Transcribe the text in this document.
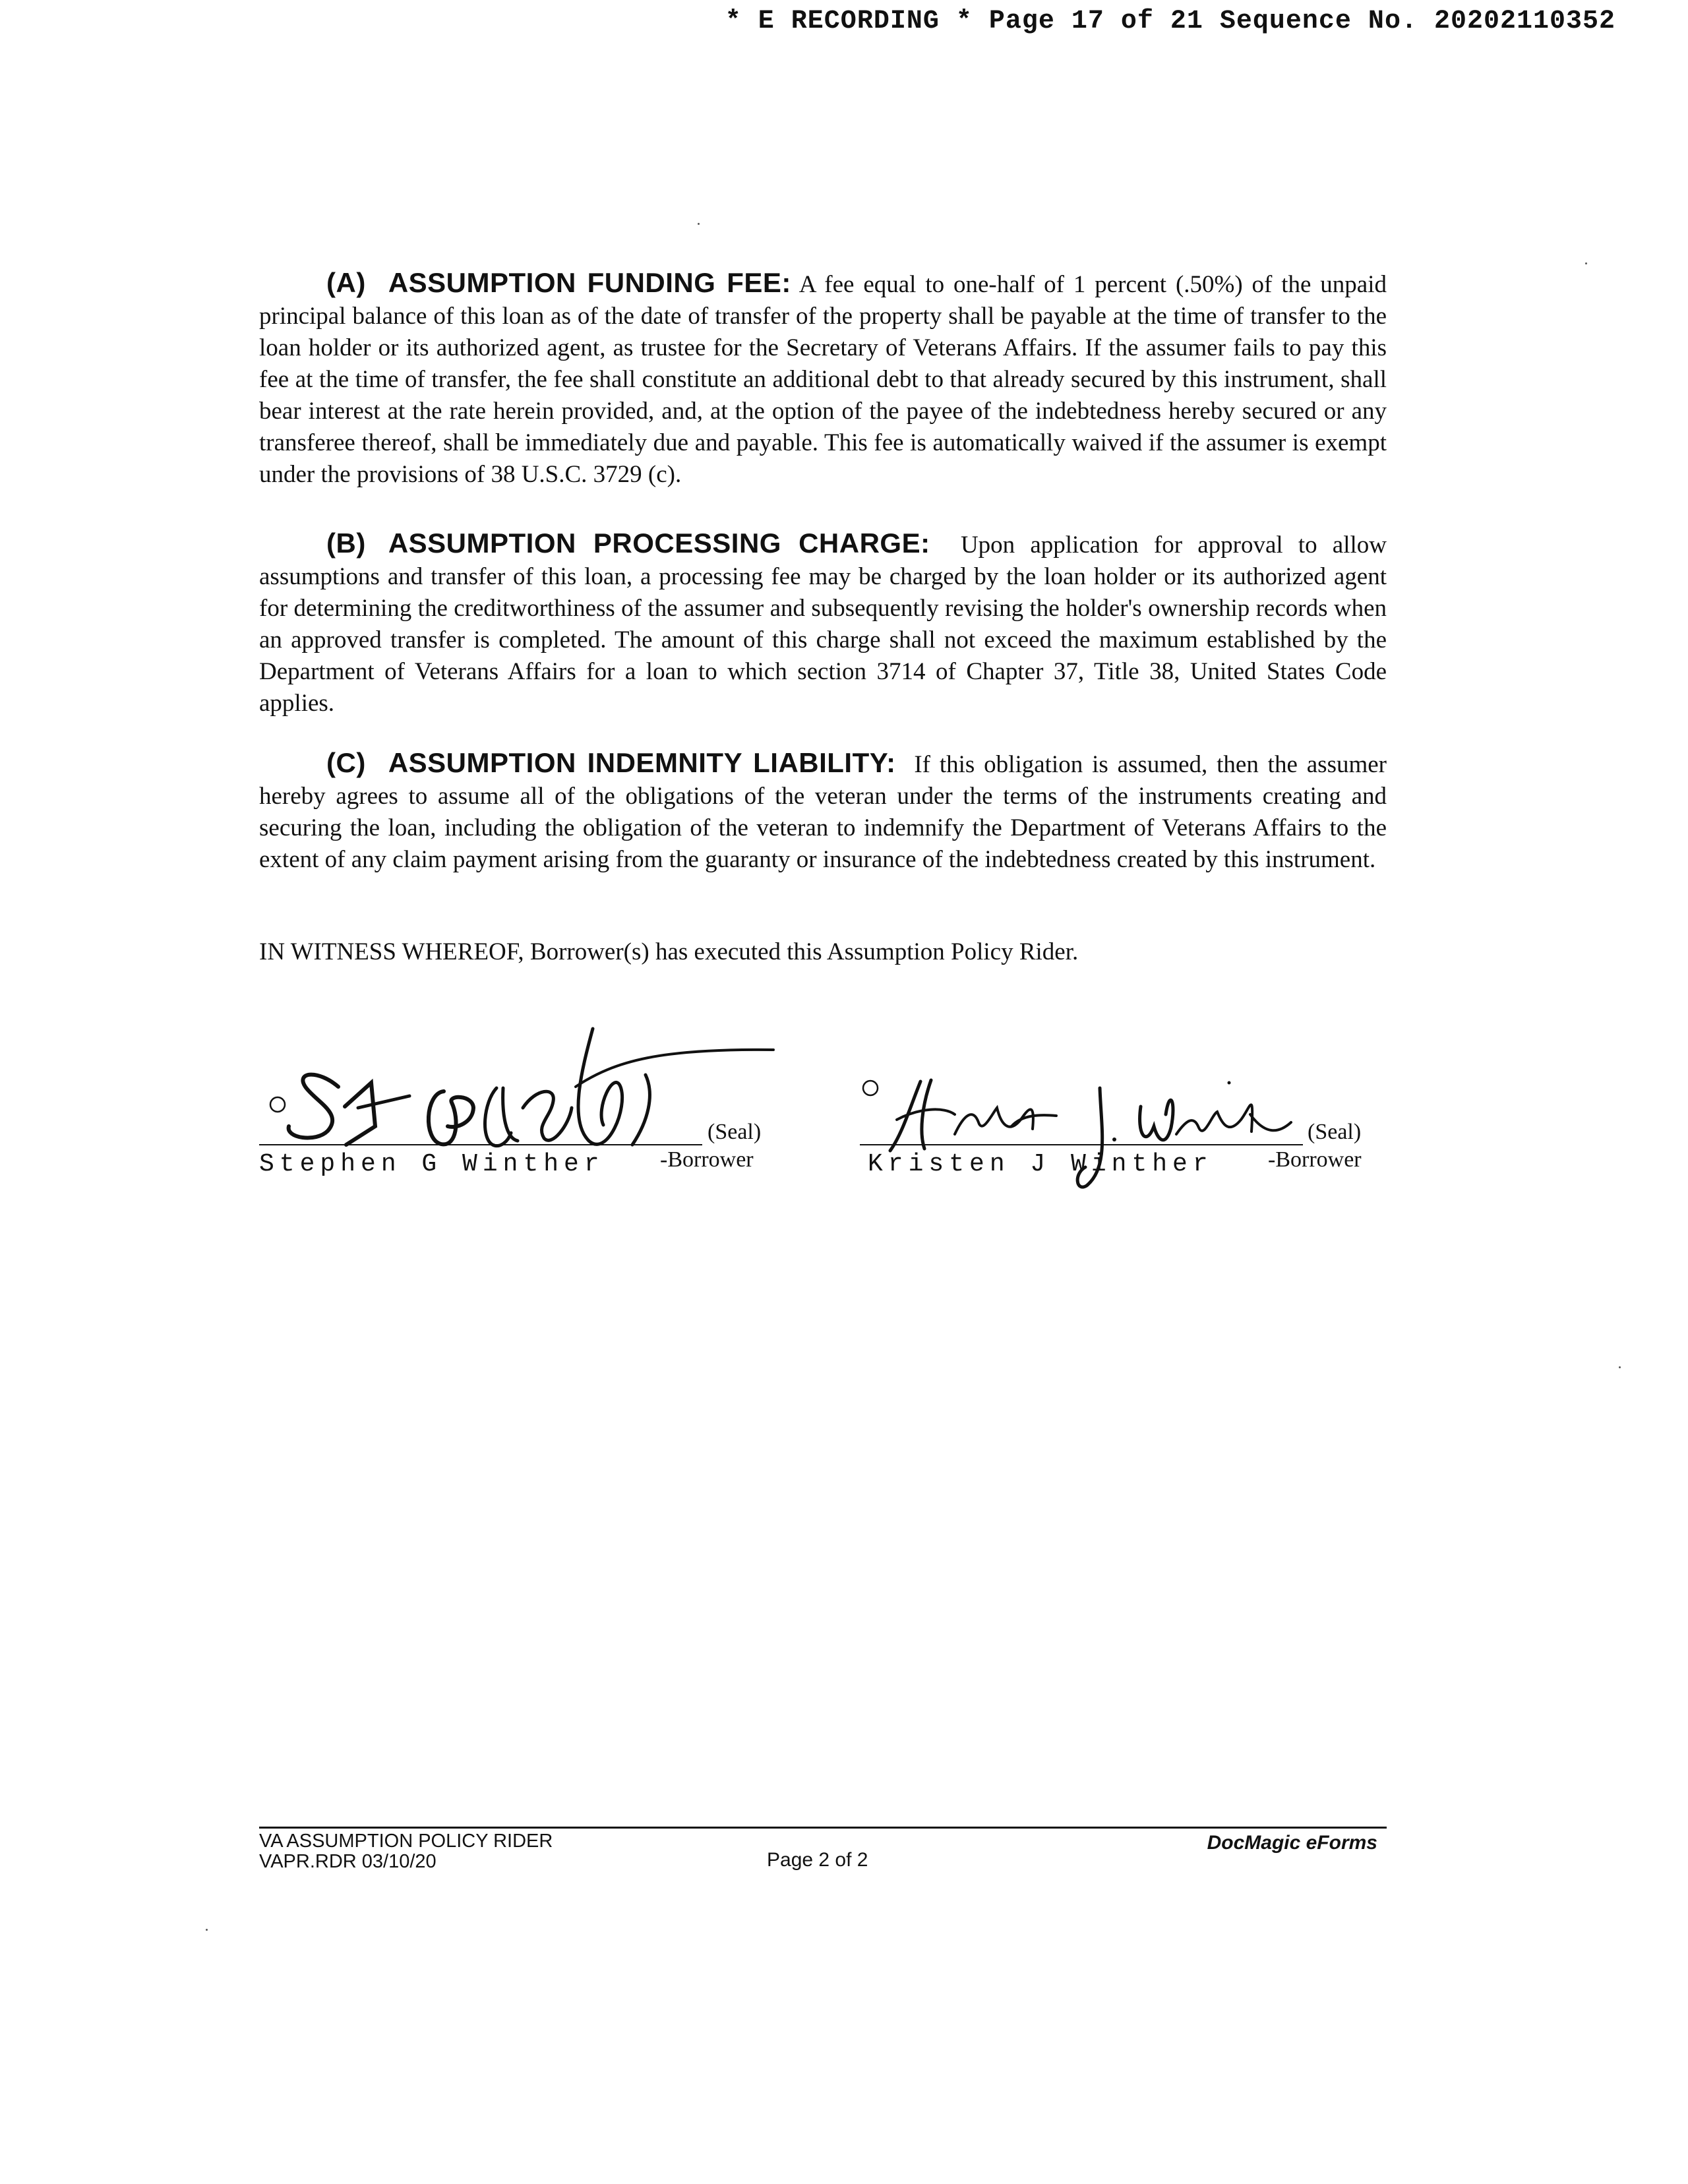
* E RECORDING * Page 17 of 21 Sequence No. 20202110352

(A) ASSUMPTION FUNDING FEE: A fee equal to one-half of 1 percent (.50%) of the unpaid principal balance of this loan as of the date of transfer of the property shall be payable at the time of transfer to the loan holder or its authorized agent, as trustee for the Secretary of Veterans Affairs. If the assumer fails to pay this fee at the time of transfer, the fee shall constitute an additional debt to that already secured by this instrument, shall bear interest at the rate herein provided, and, at the option of the payee of the indebtedness hereby secured or any transferee thereof, shall be immediately due and payable. This fee is automatically waived if the assumer is exempt under the provisions of 38 U.S.C. 3729 (c).

(B) ASSUMPTION PROCESSING CHARGE: Upon application for approval to allow assumptions and transfer of this loan, a processing fee may be charged by the loan holder or its authorized agent for determining the creditworthiness of the assumer and subsequently revising the holder's ownership records when an approved transfer is completed. The amount of this charge shall not exceed the maximum established by the Department of Veterans Affairs for a loan to which section 3714 of Chapter 37, Title 38, United States Code applies.

(C) ASSUMPTION INDEMNITY LIABILITY: If this obligation is assumed, then the assumer hereby agrees to assume all of the obligations of the veteran under the terms of the instruments creating and securing the loan, including the obligation of the veteran to indemnify the Department of Veterans Affairs to the extent of any claim payment arising from the guaranty or insurance of the indebtedness created by this instrument.

IN WITNESS WHEREOF, Borrower(s) has executed this Assumption Policy Rider.

(Seal)
Stephen G Winther -Borrower
(Seal)
Kristen J Winther -Borrower
VA ASSUMPTION POLICY RIDER
VAPR.RDR 03/10/20	Page 2 of 2
DocMagic eForms
